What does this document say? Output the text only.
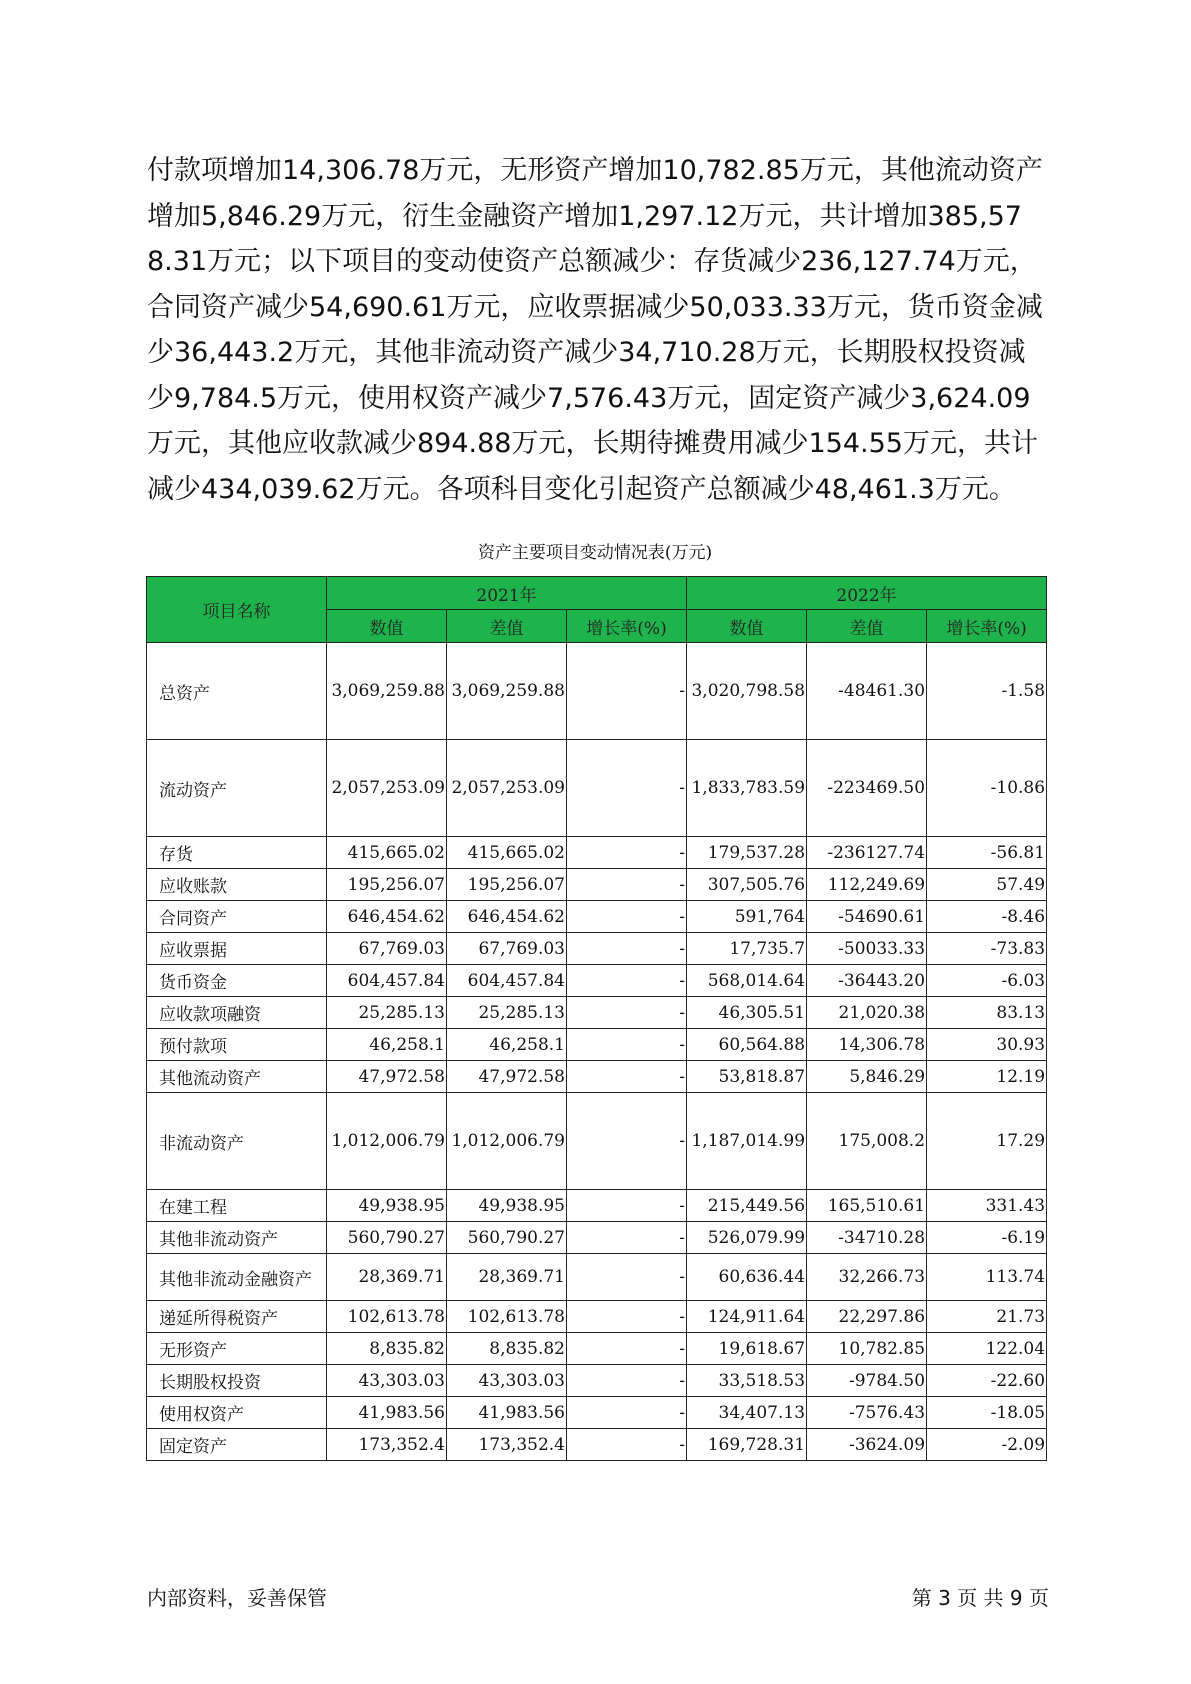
付款项增加14,306.78万元，无形资产增加10,782.85万元，其他流动资产增加5,846.29万元，衍生金融资产增加1,297.12万元，共计增加385,578.31万元；以下项目的变动使资产总额减少：存货减少236,127.74万元，合同资产减少54,690.61万元，应收票据减少50,033.33万元，货币资金减少36,443.2万元，其他非流动资产减少34,710.28万元，长期股权投资减少9,784.5万元，使用权资产减少7,576.43万元，固定资产减少3,624.09万元，其他应收款减少894.88万元，长期待摊费用减少154.55万元，共计减少434,039.62万元。各项科目变化引起资产总额减少48,461.3万元。

资产主要项目变动情况表(万元)
项目名称	2021年			2022年		
	数值	差值	增长率(%)	数值	差值	增长率(%)
总资产	3,069,259.88	3,069,259.88	-	3,020,798.58	-48461.30	-1.58
流动资产	2,057,253.09	2,057,253.09	-	1,833,783.59	-223469.50	-10.86
存货	415,665.02	415,665.02	-	179,537.28	-236127.74	-56.81
应收账款	195,256.07	195,256.07	-	307,505.76	112,249.69	57.49
合同资产	646,454.62	646,454.62	-	591,764	-54690.61	-8.46
应收票据	67,769.03	67,769.03	-	17,735.7	-50033.33	-73.83
货币资金	604,457.84	604,457.84	-	568,014.64	-36443.20	-6.03
应收款项融资	25,285.13	25,285.13	-	46,305.51	21,020.38	83.13
预付款项	46,258.1	46,258.1	-	60,564.88	14,306.78	30.93
其他流动资产	47,972.58	47,972.58	-	53,818.87	5,846.29	12.19
非流动资产	1,012,006.79	1,012,006.79	-	1,187,014.99	175,008.2	17.29
在建工程	49,938.95	49,938.95	-	215,449.56	165,510.61	331.43
其他非流动资产	560,790.27	560,790.27	-	526,079.99	-34710.28	-6.19
其他非流动金融资产	28,369.71	28,369.71	-	60,636.44	32,266.73	113.74
递延所得税资产	102,613.78	102,613.78	-	124,911.64	22,297.86	21.73
无形资产	8,835.82	8,835.82	-	19,618.67	10,782.85	122.04
长期股权投资	43,303.03	43,303.03	-	33,518.53	-9784.50	-22.60
使用权资产	41,983.56	41,983.56	-	34,407.13	-7576.43	-18.05
固定资产	173,352.4	173,352.4	-	169,728.31	-3624.09	-2.09
内部资料，妥善保管	第 3 页 共 9 页
